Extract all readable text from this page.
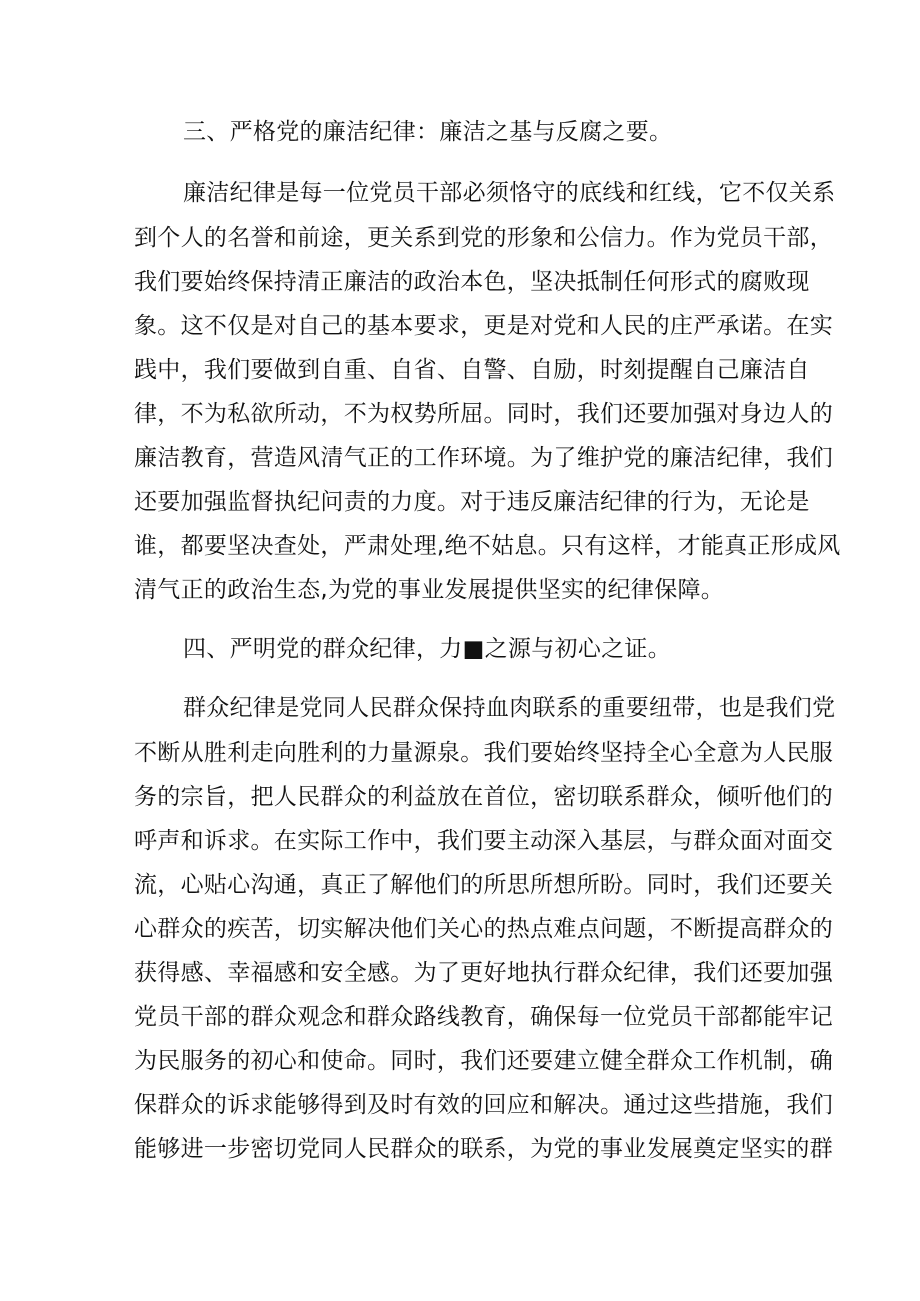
三、严格党的廉洁纪律：廉洁之基与反腐之要。
廉洁纪律是每一位党员干部必须恪守的底线和红线，它不仅关系
到个人的名誉和前途，更关系到党的形象和公信力。作为党员干部，
我们要始终保持清正廉洁的政治本色，坚决抵制任何形式的腐败现
象。这不仅是对自己的基本要求，更是对党和人民的庄严承诺。在实
践中，我们要做到自重、自省、自警、自励，时刻提醒自己廉洁自
律，不为私欲所动，不为权势所屈。同时，我们还要加强对身边人的
廉洁教育，营造风清气正的工作环境。为了维护党的廉洁纪律，我们
还要加强监督执纪问责的力度。对于违反廉洁纪律的行为，无论是
谁，都要坚决查处，严肃处理,绝不姑息。只有这样，才能真正形成风
清气正的政治生态,为党的事业发展提供坚实的纪律保障。
四、严明党的群众纪律，力■之源与初心之证。
群众纪律是党同人民群众保持血肉联系的重要纽带，也是我们党
不断从胜利走向胜利的力量源泉。我们要始终坚持全心全意为人民服
务的宗旨，把人民群众的利益放在首位，密切联系群众，倾听他们的
呼声和诉求。在实际工作中，我们要主动深入基层，与群众面对面交
流，心贴心沟通，真正了解他们的所思所想所盼。同时，我们还要关
心群众的疾苦，切实解决他们关心的热点难点问题，不断提高群众的
获得感、幸福感和安全感。为了更好地执行群众纪律，我们还要加强
党员干部的群众观念和群众路线教育，确保每一位党员干部都能牢记
为民服务的初心和使命。同时，我们还要建立健全群众工作机制，确
保群众的诉求能够得到及时有效的回应和解决。通过这些措施，我们
能够进一步密切党同人民群众的联系，为党的事业发展奠定坚实的群
